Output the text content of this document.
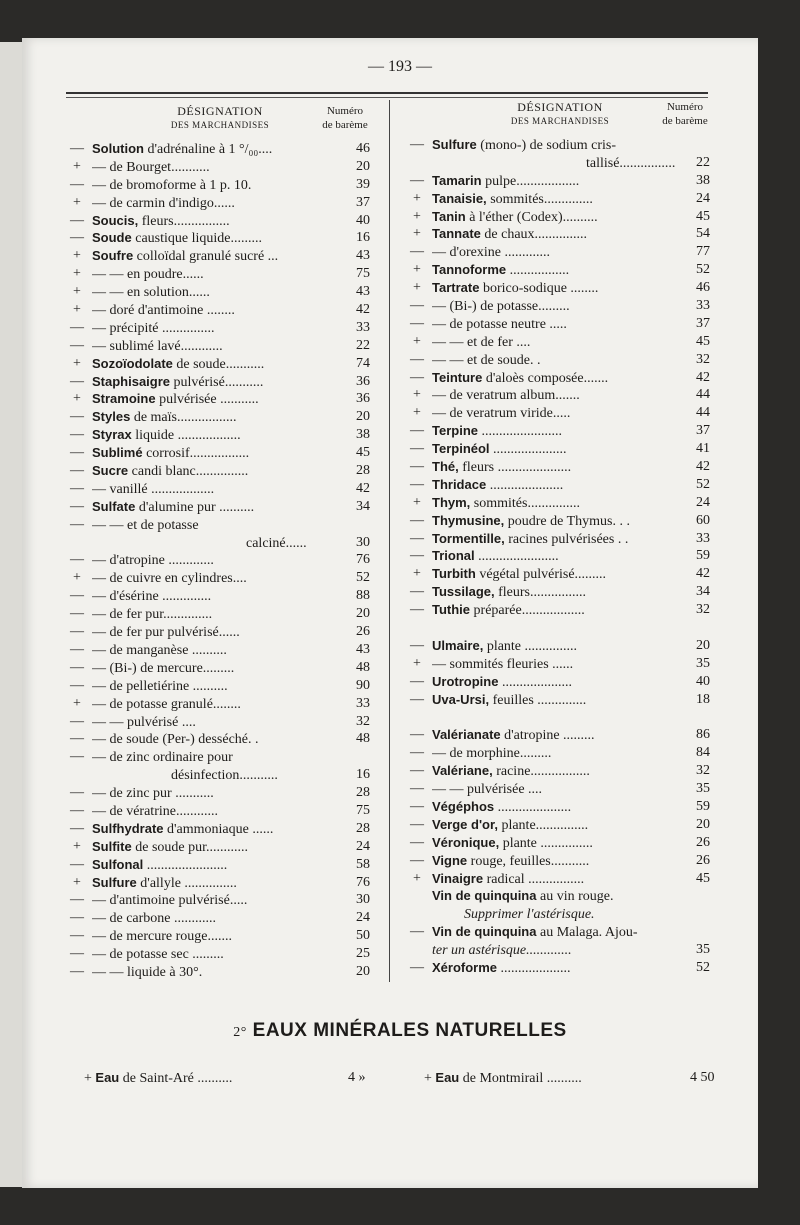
— 193 —
DÉSIGNATION
DES MARCHANDISES
Numéro
de barème
DÉSIGNATION
DES MARCHANDISES
Numéro
de barème
— Solution d'adrénaline à 1 °/₀₀....	46
+ — de Bourget...........	20
— — de bromoforme à 1 p. 10.	39
+ — de carmin d'indigo......	37
— Soucis, fleurs................	40
— Soude caustique liquide.........	16
+ Soufre colloïdal granulé sucré ...	43
+ — — en poudre......	75
+ — — en solution......	43
+ — doré d'antimoine ........	42
— — précipité ...............	33
— — sublimé lavé............	22
+ Sozoïodolate de soude...........	74
— Staphisaigre pulvérisé...........	36
+ Stramoine pulvérisée ...........	36
— Styles de maïs.................	20
— Styrax liquide ..................	38
— Sublimé corrosif.................	45
— Sucre candi blanc...............	28
— — vanillé ..................	42
— Sulfate d'alumine pur ..........	34
— — — et de potasse
calciné......	30
— — d'atropine .............	76
+ — de cuivre en cylindres....	52
— — d'ésérine ..............	88
— — de fer pur..............	20
— — de fer pur pulvérisé......	26
— — de manganèse ..........	43
— — (Bi-) de mercure.........	48
— — de pelletiérine ..........	90
+ — de potasse granulé........	33
— — — pulvérisé ....	32
— — de soude (Per-) desséché. .	48
— — de zinc ordinaire pour
désinfection...........	16
— — de zinc pur ...........	28
— — de vératrine............	75
— Sulfhydrate d'ammoniaque ......	28
+ Sulfite de soude pur............	24
— Sulfonal .......................	58
+ Sulfure d'allyle ...............	76
— — d'antimoine pulvérisé.....	30
— — de carbone ............	24
— — de mercure rouge.......	50
— — de potasse sec .........	25
— — — liquide à 30°.	20
— Sulfure (mono-) de sodium cris-
tallisé................	22
— Tamarin pulpe..................	38
+ Tanaisie, sommités..............	24
+ Tanin à l'éther (Codex)..........	45
+ Tannate de chaux...............	54
— — d'orexine .............	77
+ Tannoforme .................	52
+ Tartrate borico-sodique ........	46
— — (Bi-) de potasse.........	33
— — de potasse neutre .....	37
+ — — et de fer ....	45
— — — et de soude. .	32
— Teinture d'aloès composée.......	42
+ — de veratrum album.......	44
+ — de veratrum viride.....	44
— Terpine .......................	37
— Terpinéol .....................	41
— Thé, fleurs .....................	42
— Thridace .....................	52
+ Thym, sommités...............	24
— Thymusine, poudre de Thymus. . .	60
— Tormentille, racines pulvérisées . .	33
— Trional .......................	59
+ Turbith végétal pulvérisé.........	42
— Tussilage, fleurs................	34
— Tuthie préparée..................	32
— Ulmaire, plante ...............	20
+ — sommités fleuries ......	35
— Urotropine ....................	40
— Uva-Ursi, feuilles ..............	18
— Valérianate d'atropine .........	86
— — de morphine.........	84
— Valériane, racine.................	32
— — — pulvérisée ....	35
— Végéphos .....................	59
— Verge d'or, plante...............	20
— Véronique, plante ...............	26
— Vigne rouge, feuilles...........	26
+ Vinaigre radical ................	45
Vin de quinquina au vin rouge.
Supprimer l'astérisque.
— Vin de quinquina au Malaga. Ajou-
ter un astérisque.............	35
— Xéroforme ....................	52
2° EAUX MINÉRALES NATURELLES
+ Eau de Saint-Aré ..........	4 »	+ Eau de Montmirail ..........	4 50
